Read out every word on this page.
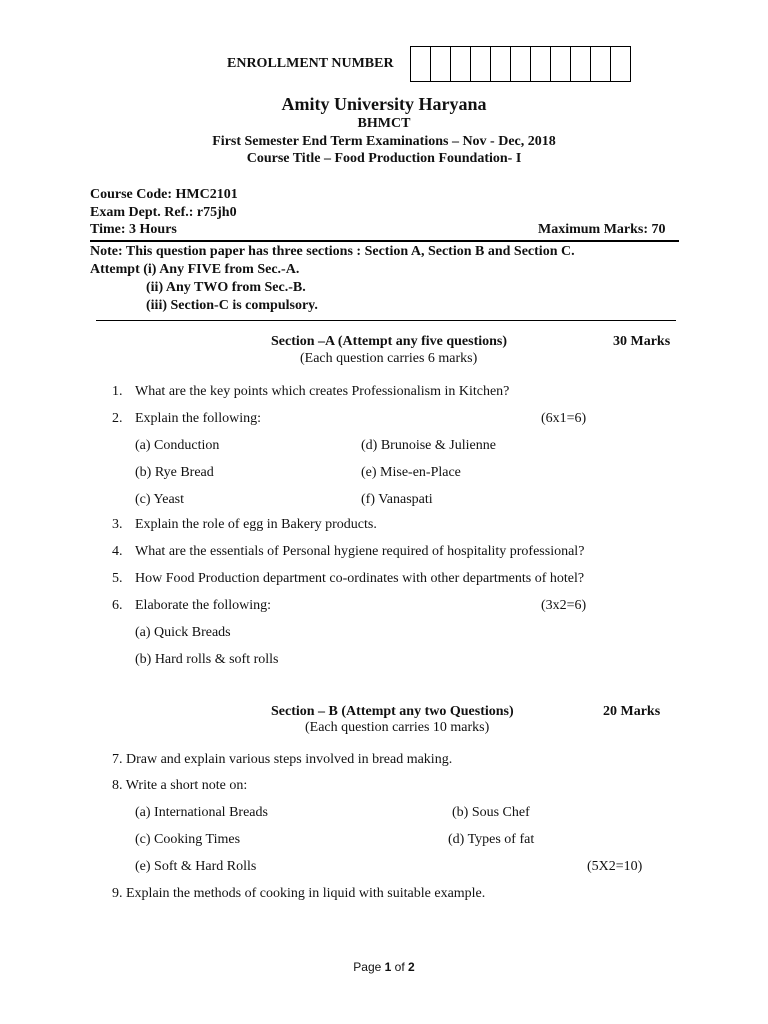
ENROLLMENT NUMBER
Amity University Haryana
BHMCT
First Semester End Term Examinations – Nov - Dec, 2018
Course Title – Food Production Foundation- I
Course Code: HMC2101
Exam Dept. Ref.: r75jh0
Time: 3 Hours	Maximum Marks: 70
Note: This question paper has three sections : Section A, Section B and Section C.
Attempt (i) Any FIVE from Sec.-A.
(ii) Any TWO from Sec.-B.
(iii) Section-C is compulsory.
Section –A (Attempt any five questions)	30 Marks
(Each question carries 6 marks)
1. What are the key points which creates Professionalism in Kitchen?
2. Explain the following:	(6x1=6)
(a) Conduction	(d) Brunoise & Julienne
(b) Rye Bread	(e) Mise-en-Place
(c) Yeast	(f) Vanaspati
3. Explain the role of egg in Bakery products.
4. What are the essentials of Personal hygiene required of hospitality professional?
5. How Food Production department co-ordinates with other departments of hotel?
6. Elaborate the following:	(3x2=6)
(a) Quick Breads
(b) Hard rolls & soft rolls
Section – B (Attempt any two Questions)	20 Marks
(Each question carries 10 marks)
7. Draw and explain various steps involved in bread making.
8. Write a short note on:
(a) International Breads	(b) Sous Chef
(c) Cooking Times	(d) Types of fat
(e) Soft & Hard Rolls	(5X2=10)
9. Explain the methods of cooking in liquid with suitable example.
Page 1 of 2
